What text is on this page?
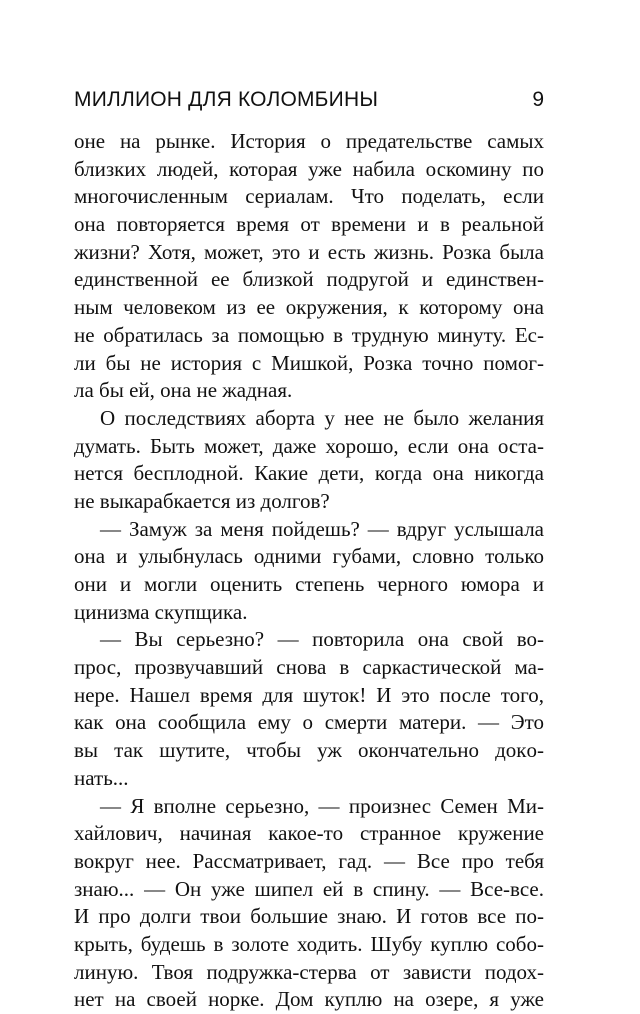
МИЛЛИОН ДЛЯ КОЛОМБИНЫ	9
оне на рынке. История о предательстве самых
близких людей, которая уже набила оскомину по
многочисленным сериалам. Что поделать, если
она повторяется время от времени и в реальной
жизни? Хотя, может, это и есть жизнь. Розка была
единственной ее близкой подругой и единствен-
ным человеком из ее окружения, к которому она
не обратилась за помощью в трудную минуту. Ес-
ли бы не история с Мишкой, Розка точно помог-
ла бы ей, она не жадная.
О последствиях аборта у нее не было желания
думать. Быть может, даже хорошо, если она оста-
нется бесплодной. Какие дети, когда она никогда
не выкарабкается из долгов?
— Замуж за меня пойдешь? — вдруг услышала
она и улыбнулась одними губами, словно только
они и могли оценить степень черного юмора и
цинизма скупщика.
— Вы серьезно? — повторила она свой во-
прос, прозвучавший снова в саркастической ма-
нере. Нашел время для шуток! И это после того,
как она сообщила ему о смерти матери. — Это
вы так шутите, чтобы уж окончательно докo-
нать...
— Я вполне серьезно, — произнес Семен Ми-
хайлович, начиная какое-то странное кружение
вокруг нее. Рассматривает, гад. — Все про тебя
знаю... — Он уже шипел ей в спину. — Все-все.
И про долги твои большие знаю. И готов все по-
крыть, будешь в золоте ходить. Шубу куплю собо-
линую. Твоя подружка-стерва от зависти подох-
нет на своей норке. Дом куплю на озере, я уже
